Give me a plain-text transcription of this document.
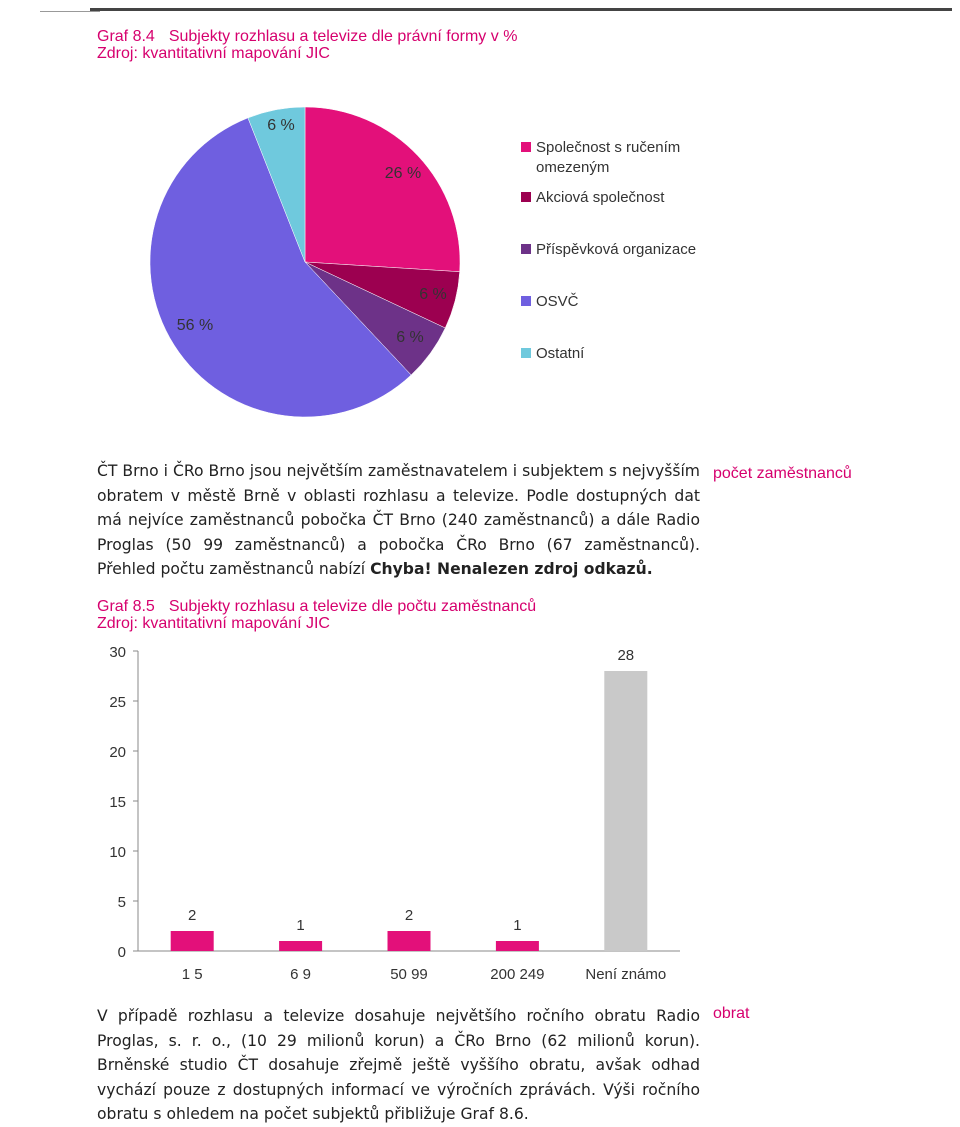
Graf 8.4 Subjekty rozhlasu a televize dle právní formy v %
Zdroj: kvantitativní mapování JIC
26 %
6 %
6 %
56 %
6 %
Společnost s ručením omezeným
Akciová společnost
Příspěvková organizace
OSVČ
Ostatní
ČT Brno i ČRo Brno jsou největším zaměstnavatelem i subjektem s nejvyšším obratem v městě Brně v oblasti rozhlasu a televize. Podle dostupných dat má nejvíce zaměstnanců pobočka ČT Brno (240 zaměstnanců) a dále Radio Proglas (50 99 zaměstnanců) a pobočka ČRo Brno (67 zaměstnanců). Přehled počtu zaměstnanců nabízí Chyba! Nenalezen zdroj odkazů.
počet zaměstnanců
Graf 8.5 Subjekty rozhlasu a televize dle počtu zaměstnanců
Zdroj: kvantitativní mapování JIC
0
5
10
15
20
25
30
2
1 5
1
6 9
2
50 99
1
200 249
28
Není známo
V případě rozhlasu a televize dosahuje největšího ročního obratu Radio Proglas, s. r. o., (10 29 milionů korun) a ČRo Brno (62 milionů korun). Brněnské studio ČT dosahuje zřejmě ještě vyššího obratu, avšak odhad vychází pouze z dostupných informací ve výročních zprávách. Výši ročního obratu s ohledem na počet subjektů přibližuje Graf 8.6.
obrat
